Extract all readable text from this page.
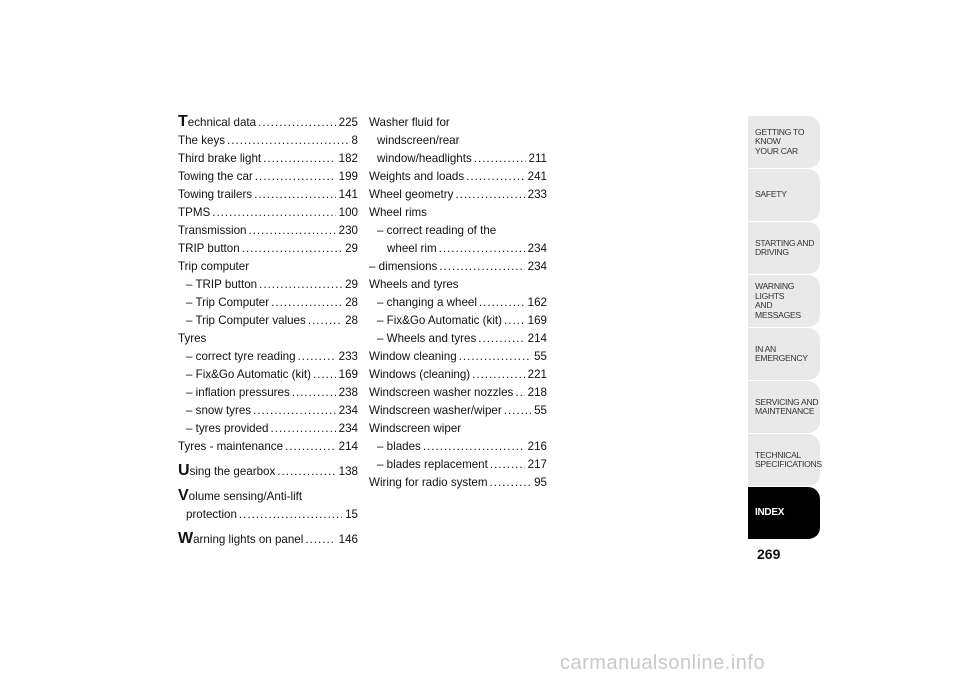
Technical data .....	225
The keys .....	8
Third brake light .....	182
Towing the car .....	199
Towing trailers .....	141
TPMS .....	100
Transmission .....	230
TRIP button .....	29
Trip computer
– TRIP button .....	29
– Trip Computer .....	28
– Trip Computer values .....	28
Tyres
– correct tyre reading .....	233
– Fix&Go Automatic (kit) ..... 169
– inflation pressures .....	238
– snow tyres .....	234
– tyres provided .....	234
Tyres - maintenance .....	214
Using the gearbox .....	138
Volume sensing/Anti-lift
protection .....	15
Warning lights on panel .....	146
Washer fluid for
windscreen/rear
window/headlights .....	211
Weights and loads .....	241
Wheel geometry .....	233
Wheel rims
– correct reading of the
wheel rim .....	234
– dimensions .....	234
Wheels and tyres
– changing a wheel .....	162
– Fix&Go Automatic (kit) ..... 169
– Wheels and tyres .....	214
Window cleaning .....	55
Windows (cleaning) .....	221
Windscreen washer nozzles ..... 218
Windscreen washer/wiper .....	55
Windscreen wiper
– blades .....	216
– blades replacement .....	217
Wiring for radio system .....	95
GETTING TO KNOW
YOUR CAR
SAFETY
STARTING AND
DRIVING
WARNING LIGHTS
AND MESSAGES
IN AN EMERGENCY
SERVICING AND
MAINTENANCE
TECHNICAL
SPECIFICATIONS
INDEX
269
carmanualsonline.info
